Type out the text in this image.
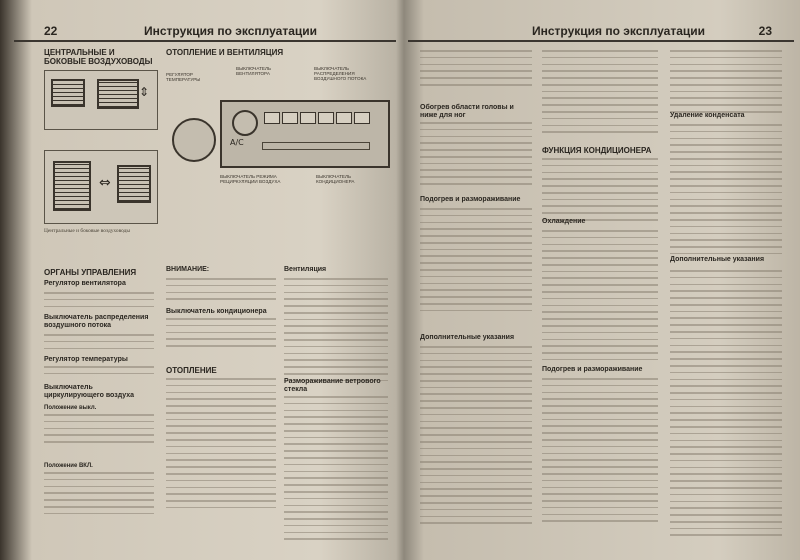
22	Инструкция по эксплуатации
ЦЕНТРАЛЬНЫЕ И БОКОВЫЕ ВОЗДУХОВОДЫ
⇕
⇔
ОТОПЛЕНИЕ И ВЕНТИЛЯЦИЯ
РЕГУЛЯТОР ТЕМПЕРАТУРЫ
ВЫКЛЮЧАТЕЛЬ ВЕНТИЛЯТОРА
ВЫКЛЮЧАТЕЛЬ РАСПРЕДЕЛЕНИЯ ВОЗДУШНОГО ПОТОКА
A/C
ВЫКЛЮЧАТЕЛЬ РЕЖИМА РЕЦИРКУЛЯЦИИ ВОЗДУХА
ВЫКЛЮЧАТЕЛЬ КОНДИЦИОНЕРА
Центральные и боковые воздуховоды
ОРГАНЫ УПРАВЛЕНИЯ
Регулятор вентилятора
Выключатель распределения воздушного потока
Регулятор температуры
Выключатель циркулирующего воздуха
Положение выкл.
Положение ВКЛ.
ВНИМАНИЕ:
Выключатель кондиционера
ОТОПЛЕНИЕ
Вентиляция
Размораживание ветрового стекла
Инструкция по эксплуатации	23
Обогрев области головы и ниже для ног
Подогрев и размораживание
Дополнительные указания
ФУНКЦИЯ КОНДИЦИОНЕРА
Охлаждение
Подогрев и размораживание
Удаление конденсата
Дополнительные указания
